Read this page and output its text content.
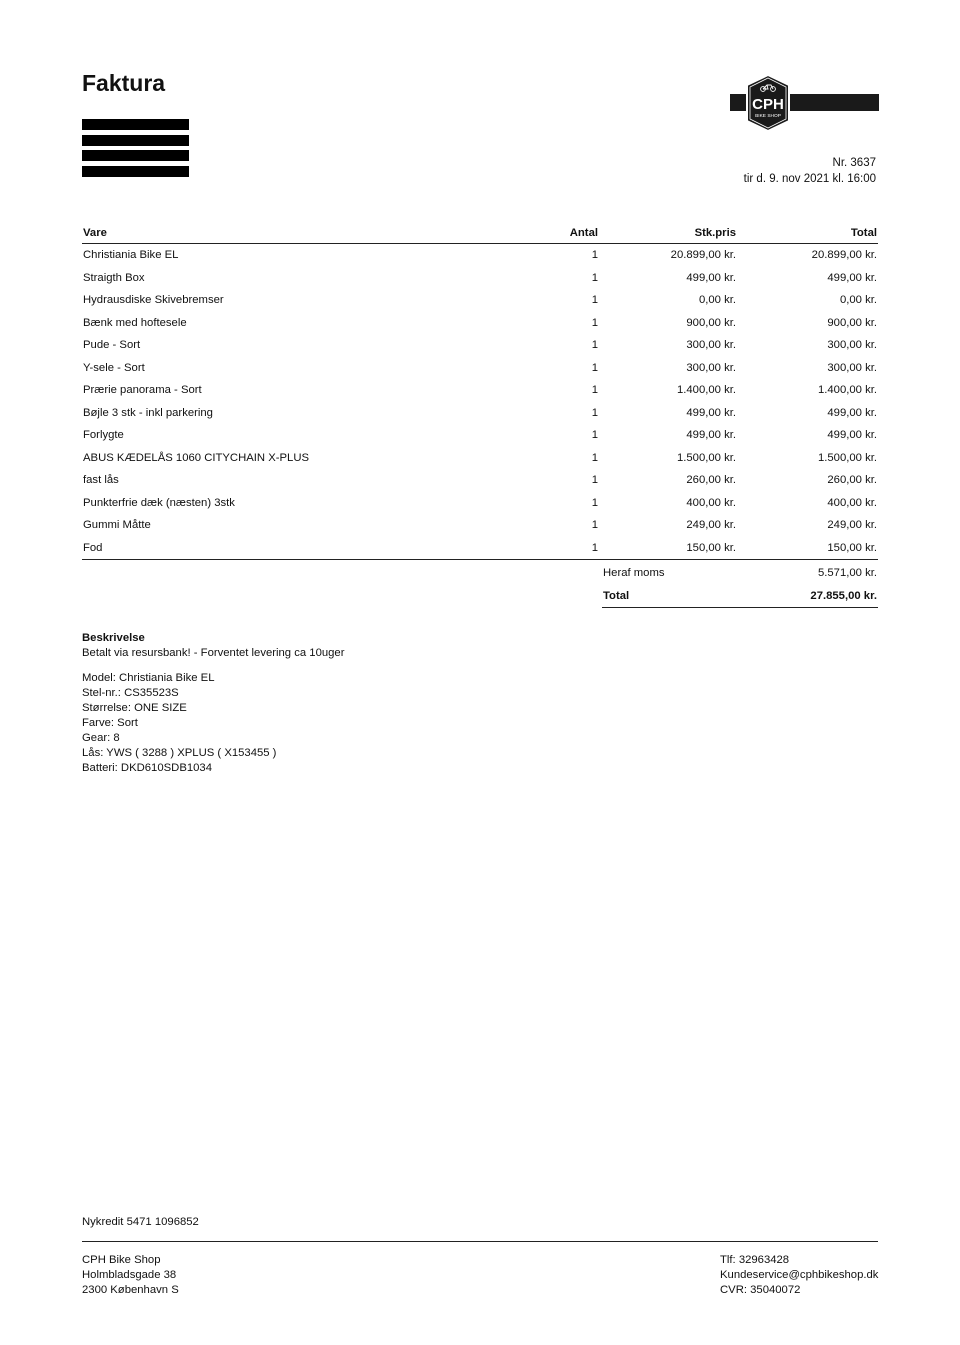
Faktura
CPH
BIKE SHOP
Nr. 3637
tir d. 9. nov 2021 kl. 16:00
Vare	Antal	Stk.pris	Total
Christiania Bike EL	1	20.899,00 kr.	20.899,00 kr.
Straigth Box	1	499,00 kr.	499,00 kr.
Hydrausdiske Skivebremser	1	0,00 kr.	0,00 kr.
Bænk med hoftesele	1	900,00 kr.	900,00 kr.
Pude - Sort	1	300,00 kr.	300,00 kr.
Y-sele - Sort	1	300,00 kr.	300,00 kr.
Prærie panorama - Sort	1	1.400,00 kr.	1.400,00 kr.
Bøjle 3 stk - inkl parkering	1	499,00 kr.	499,00 kr.
Forlygte	1	499,00 kr.	499,00 kr.
ABUS KÆDELÅS 1060 CITYCHAIN X-PLUS	1	1.500,00 kr.	1.500,00 kr.
fast lås	1	260,00 kr.	260,00 kr.
Punkterfrie dæk (næsten) 3stk	1	400,00 kr.	400,00 kr.
Gummi Måtte	1	249,00 kr.	249,00 kr.
Fod	1	150,00 kr.	150,00 kr.
Heraf moms	5.571,00 kr.
Total	27.855,00 kr.
Beskrivelse
Betalt via resursbank! - Forventet levering ca 10uger
Model: Christiania Bike EL
Stel-nr.: CS35523S
Størrelse: ONE SIZE
Farve: Sort
Gear: 8
Lås: YWS ( 3288 ) XPLUS ( X153455 )
Batteri: DKD610SDB1034
Nykredit 5471 1096852
CPH Bike Shop
Holmbladsgade 38
2300 København S
Tlf: 32963428
Kundeservice@cphbikeshop.dk
CVR: 35040072
